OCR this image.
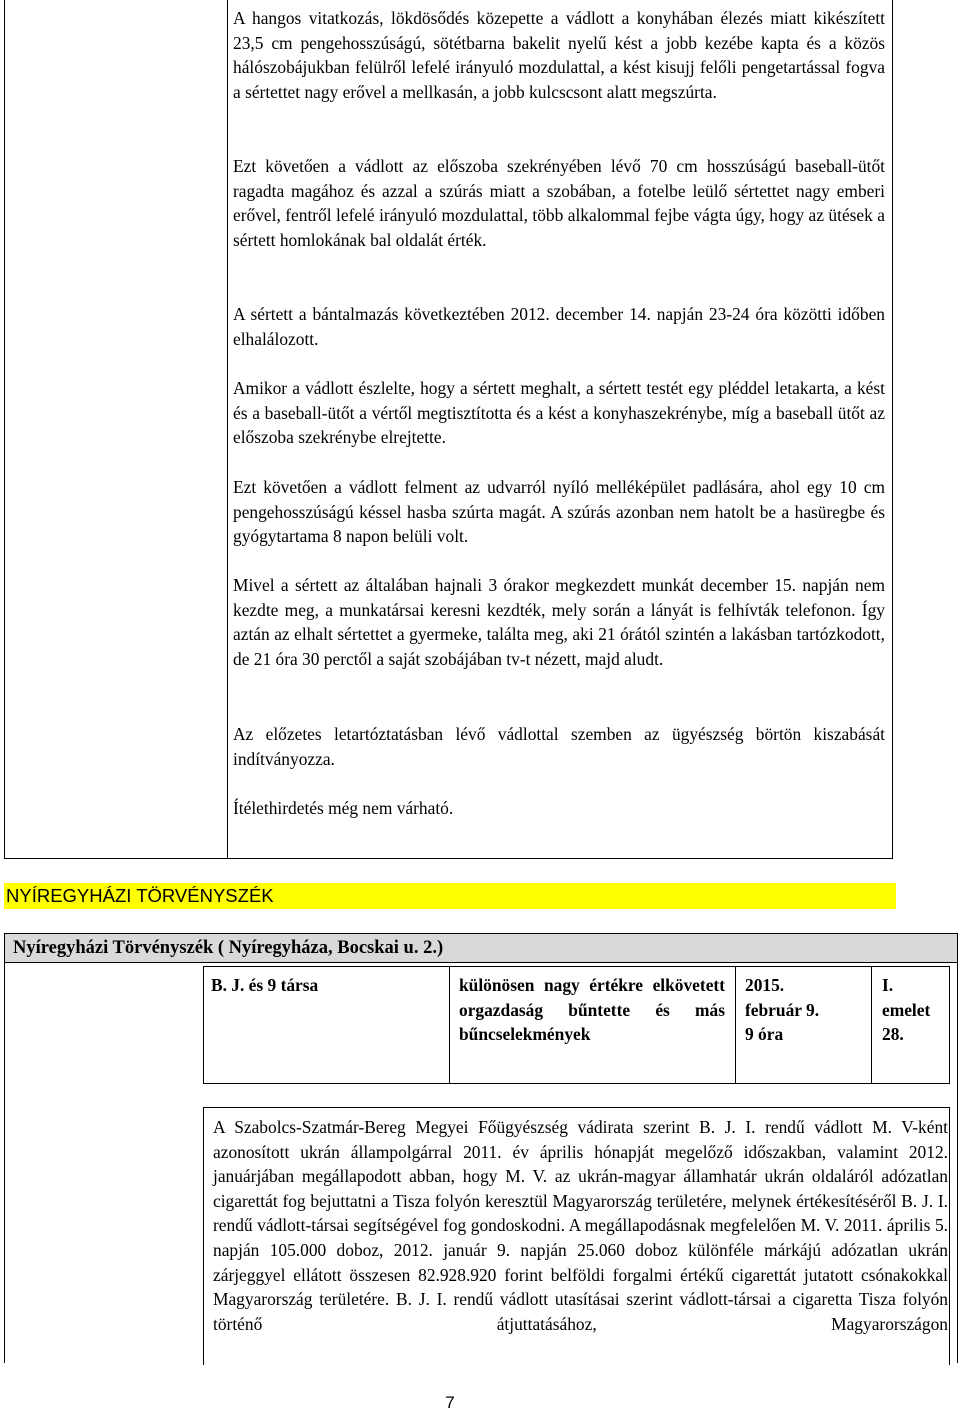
A hangos vitatkozás, lökdösődés közepette a vádlott a konyhában élezés miatt kikészített 23,5 cm pengehosszúságú, sötétbarna bakelit nyelű kést a jobb kezébe kapta és a közös hálószobájukban felülről lefelé irányuló mozdulattal, a kést kisujj felőli pengetartással fogva a sértettet nagy erővel a mellkasán, a jobb kulcscsont alatt megszúrta.

Ezt követően a vádlott az előszoba szekrényében lévő 70 cm hosszúságú baseball-ütőt ragadta magához és azzal a szúrás miatt a szobában, a fotelbe leülő sértettet nagy emberi erővel, fentről lefelé irányuló mozdulattal, több alkalommal fejbe vágta úgy, hogy az ütések a sértett homlokának bal oldalát érték.

A sértett a bántalmazás következtében 2012. december 14. napján 23-24 óra közötti időben elhalálozott.

Amikor a vádlott észlelte, hogy a sértett meghalt, a sértett testét egy pléddel letakarta, a kést és a baseball-ütőt a vértől megtisztította és a kést a konyhaszekrénybe, míg a baseball ütőt az előszoba szekrénybe elrejtette.

Ezt követően a vádlott felment az udvarról nyíló melléképület padlására, ahol egy 10 cm pengehosszúságú késsel hasba szúrta magát. A szúrás azonban nem hatolt be a hasüregbe és gyógytartama 8 napon belüli volt.

Mivel a sértett az általában hajnali 3 órakor megkezdett munkát december 15. napján nem kezdte meg, a munkatársai keresni kezdték, mely során a lányát is felhívták telefonon. Így aztán az elhalt sértettet a gyermeke, találta meg, aki 21 órától szintén a lakásban tartózkodott, de 21 óra 30 perctől a saját szobájában tv-t nézett, majd aludt.

Az előzetes letartóztatásban lévő vádlottal szemben az ügyészség börtön kiszabását indítványozza.

Ítélethirdetés még nem várható.

NYÍREGYHÁZI TÖRVÉNYSZÉK
Nyíregyházi Törvényszék ( Nyíregyháza, Bocskai u. 2.)
B. J. és 9 társa	különösen nagy értékre elkövetett orgazdaság bűntette és más bűncselekmények
2015.
február 9.
9 óra
I.
emelet
28.

A Szabolcs-Szatmár-Bereg Megyei Főügyészség vádirata szerint B. J. I. rendű vádlott M. V-ként azonosított ukrán állampolgárral 2011. év április hónapját megelőző időszakban, valamint 2012. januárjában megállapodott abban, hogy M. V. az ukrán-magyar államhatár ukrán oldaláról adózatlan cigarettát fog bejuttatni a Tisza folyón keresztül Magyarország területére, melynek értékesítéséről B. J. I. rendű vádlott-társai segítségével fog gondoskodni. A megállapodásnak megfelelően M. V. 2011. április 5. napján 105.000 doboz, 2012. január 9. napján 25.060 doboz különféle márkájú adózatlan ukrán zárjeggyel ellátott összesen 82.928.920 forint belföldi forgalmi értékű cigarettát jutatott csónakokkal Magyarország területére. B. J. I. rendű vádlott utasításai szerint vádlott-társai a cigaretta Tisza folyón történő átjuttatásához, Magyarországon

7
